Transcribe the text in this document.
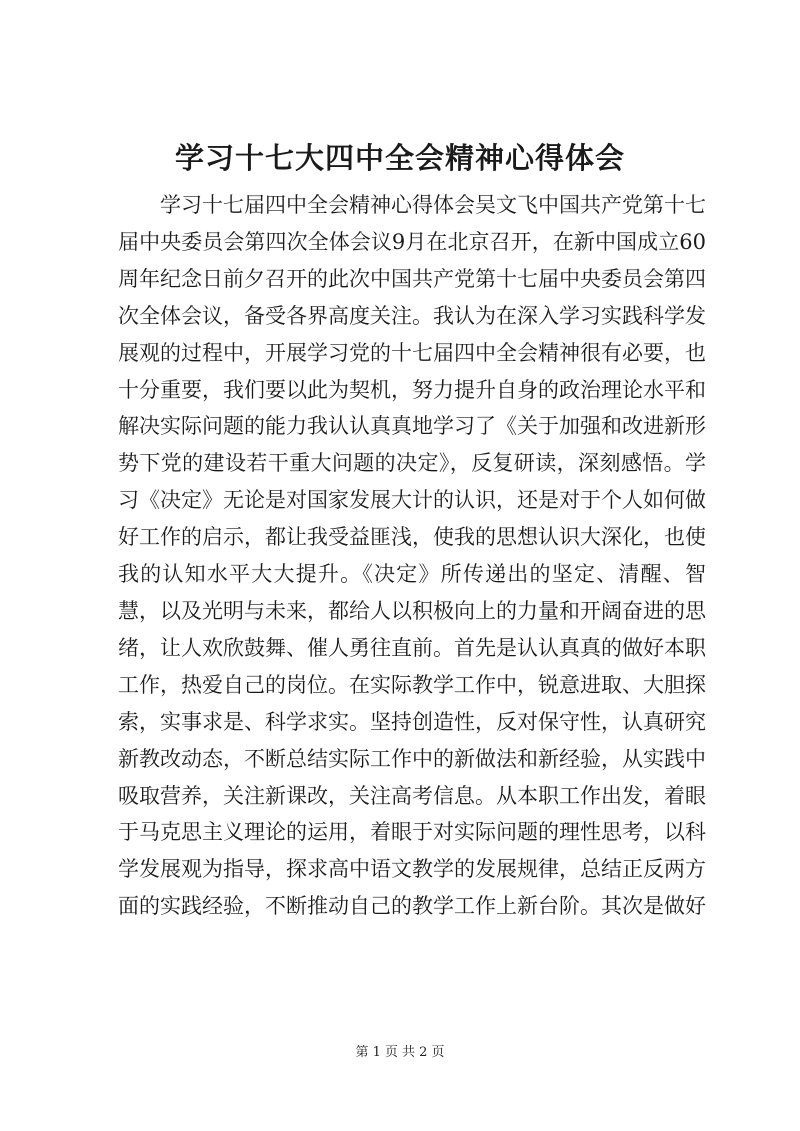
学习十七大四中全会精神心得体会

学习十七届四中全会精神心得体会吴文飞中国共产党第十七届中央委员会第四次全体会议9月在北京召开，在新中国成立60周年纪念日前夕召开的此次中国共产党第十七届中央委员会第四次全体会议，备受各界高度关注。我认为在深入学习实践科学发展观的过程中，开展学习党的十七届四中全会精神很有必要，也十分重要，我们要以此为契机，努力提升自身的政治理论水平和解决实际问题的能力我认认真真地学习了《关于加强和改进新形势下党的建设若干重大问题的决定》，反复研读，深刻感悟。学习《决定》无论是对国家发展大计的认识，还是对于个人如何做好工作的启示，都让我受益匪浅，使我的思想认识大深化，也使我的认知水平大大提升。《决定》所传递出的坚定、清醒、智慧，以及光明与未来，都给人以积极向上的力量和开阔奋进的思绪，让人欢欣鼓舞、催人勇往直前。首先是认认真真的做好本职工作，热爱自己的岗位。在实际教学工作中，锐意进取、大胆探索，实事求是、科学求实。坚持创造性，反对保守性，认真研究新教改动态，不断总结实际工作中的新做法和新经验，从实践中吸取营养，关注新课改，关注高考信息。从本职工作出发，着眼于马克思主义理论的运用，着眼于对实际问题的理性思考，以科学发展观为指导，探求高中语文教学的发展规律，总结正反两方面的实践经验，不断推动自己的教学工作上新台阶。其次是做好

第 1 页 共 2 页
